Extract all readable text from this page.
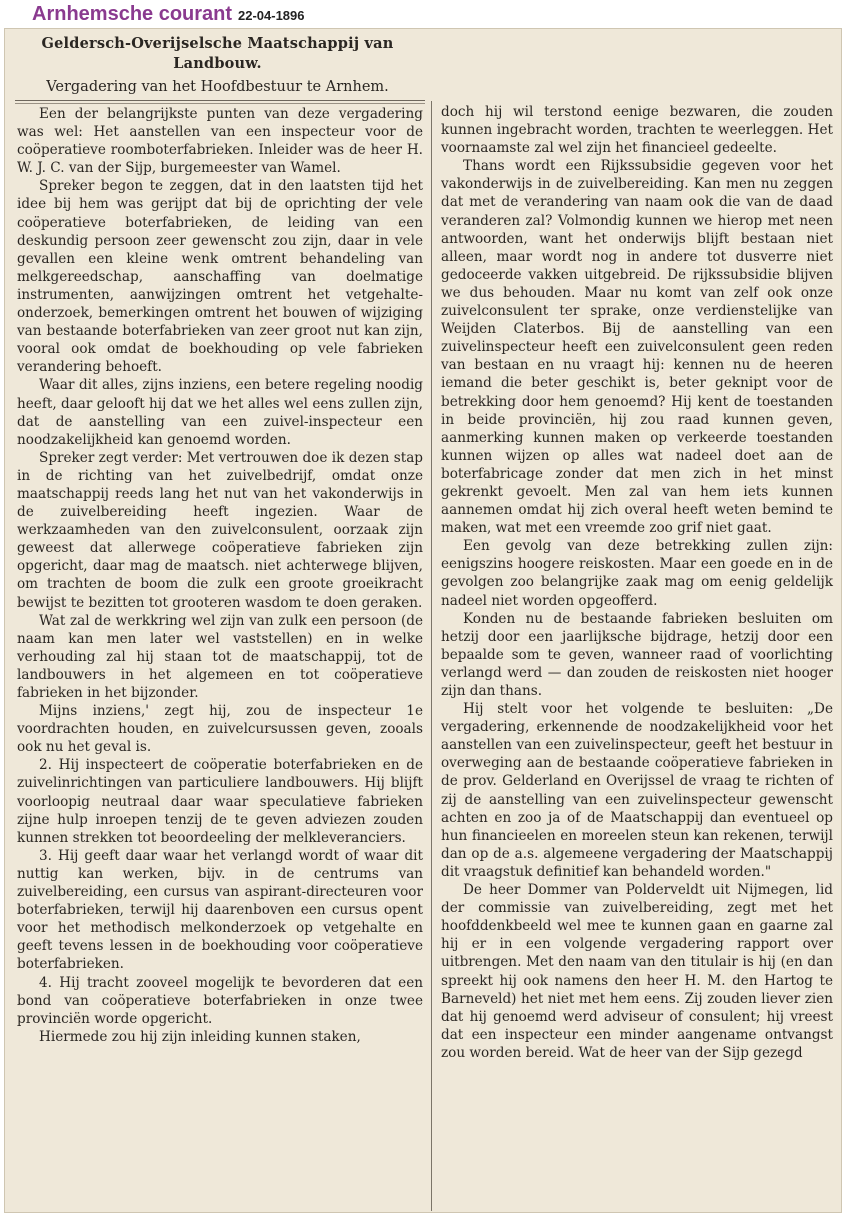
Arnhemsche courant 22-04-1896
Geldersch-Overijselsche Maatschappij van Landbouw.
Vergadering van het Hoofdbestuur te Arnhem.

Een der belangrijkste punten van deze vergadering was wel: Het aanstellen van een inspecteur voor de coöperatieve roomboterfabrieken. Inleider was de heer H. W. J. C. van der Sijp, burgemeester van Wamel.

Spreker begon te zeggen, dat in den laatsten tijd het idee bij hem was gerijpt dat bij de oprichting der vele coöperatieve boterfabrieken, de leiding van een deskundig persoon zeer gewenscht zou zijn, daar in vele gevallen een kleine wenk omtrent behandeling van melkgereedschap, aanschaffing van doelmatige instrumenten, aanwijzingen omtrent het vetgehalte-onderzoek, bemerkingen omtrent het bouwen of wijziging van bestaande boterfabrieken van zeer groot nut kan zijn, vooral ook omdat de boekhouding op vele fabrieken verandering behoeft.

Waar dit alles, zijns inziens, een betere regeling noodig heeft, daar gelooft hij dat we het alles wel eens zullen zijn, dat de aanstelling van een zuivel-inspecteur een noodzakelijkheid kan genoemd worden.

Spreker zegt verder: Met vertrouwen doe ik dezen stap in de richting van het zuivelbedrijf, omdat onze maatschappij reeds lang het nut van het vakonderwijs in de zuivelbereiding heeft ingezien. Waar de werkzaamheden van den zuivelconsulent, oorzaak zijn geweest dat allerwege coöperatieve fabrieken zijn opgericht, daar mag de maatsch. niet achterwege blijven, om trachten de boom die zulk een groote groeikracht bewijst te bezitten tot grooteren wasdom te doen geraken.

Wat zal de werkkring wel zijn van zulk een persoon (de naam kan men later wel vaststellen) en in welke verhouding zal hij staan tot de maatschappij, tot de landbouwers in het algemeen en tot coöperatieve fabrieken in het bijzonder.

Mijns inziens,' zegt hij, zou de inspecteur 1e voordrachten houden, en zuivelcursussen geven, zooals ook nu het geval is.

2. Hij inspecteert de coöperatie boterfabrieken en de zuivelinrichtingen van particuliere landbouwers. Hij blijft voorloopig neutraal daar waar speculatieve fabrieken zijne hulp inroepen tenzij de te geven adviezen zouden kunnen strekken tot beoordeeling der melkleveranciers.

3. Hij geeft daar waar het verlangd wordt of waar dit nuttig kan werken, bijv. in de centrums van zuivelbereiding, een cursus van aspirant-directeuren voor boterfabrieken, terwijl hij daarenboven een cursus opent voor het methodisch melkonderzoek op vetgehalte en geeft tevens lessen in de boekhouding voor coöperatieve boterfabrieken.

4. Hij tracht zooveel mogelijk te bevorderen dat een bond van coöperatieve boterfabrieken in onze twee provinciën worde opgericht.

Hiermede zou hij zijn inleiding kunnen staken,

doch hij wil terstond eenige bezwaren, die zouden kunnen ingebracht worden, trachten te weerleggen. Het voornaamste zal wel zijn het financieel gedeelte.

Thans wordt een Rijkssubsidie gegeven voor het vakonderwijs in de zuivelbereiding. Kan men nu zeggen dat met de verandering van naam ook die van de daad veranderen zal? Volmondig kunnen we hierop met neen antwoorden, want het onderwijs blijft bestaan niet alleen, maar wordt nog in andere tot dusverre niet gedoceerde vakken uitgebreid. De rijkssubsidie blijven we dus behouden. Maar nu komt van zelf ook onze zuivelconsulent ter sprake, onze verdienstelijke van Weijden Claterbos. Bij de aanstelling van een zuivelinspecteur heeft een zuivelconsulent geen reden van bestaan en nu vraagt hij: kennen nu de heeren iemand die beter geschikt is, beter geknipt voor de betrekking door hem genoemd? Hij kent de toestanden in beide provinciën, hij zou raad kunnen geven, aanmerking kunnen maken op verkeerde toestanden kunnen wijzen op alles wat nadeel doet aan de boterfabricage zonder dat men zich in het minst gekrenkt gevoelt. Men zal van hem iets kunnen aannemen omdat hij zich overal heeft weten bemind te maken, wat met een vreemde zoo grif niet gaat.

Een gevolg van deze betrekking zullen zijn: eenigszins hoogere reiskosten. Maar een goede en in de gevolgen zoo belangrijke zaak mag om eenig geldelijk nadeel niet worden opgeofferd.

Konden nu de bestaande fabrieken besluiten om hetzij door een jaarlijksche bijdrage, hetzij door een bepaalde som te geven, wanneer raad of voorlichting verlangd werd — dan zouden de reiskosten niet hooger zijn dan thans.

Hij stelt voor het volgende te besluiten: „De vergadering, erkennende de noodzakelijkheid voor het aanstellen van een zuivelinspecteur, geeft het bestuur in overweging aan de bestaande coöperatieve fabrieken in de prov. Gelderland en Overijssel de vraag te richten of zij de aanstelling van een zuivelinspecteur gewenscht achten en zoo ja of de Maatschappij dan eventueel op hun financieelen en moreelen steun kan rekenen, terwijl dan op de a.s. algemeene vergadering der Maatschappij dit vraagstuk definitief kan behandeld worden."

De heer Dommer van Polderveldt uit Nijmegen, lid der commissie van zuivelbereiding, zegt met het hoofddenkbeeld wel mee te kunnen gaan en gaarne zal hij er in een volgende vergadering rapport over uitbrengen. Met den naam van den titulair is hij (en dan spreekt hij ook namens den heer H. M. den Hartog te Barneveld) het niet met hem eens. Zij zouden liever zien dat hij genoemd werd adviseur of consulent; hij vreest dat een inspecteur een minder aangename ontvangst zou worden bereid. Wat de heer van der Sijp gezegd
